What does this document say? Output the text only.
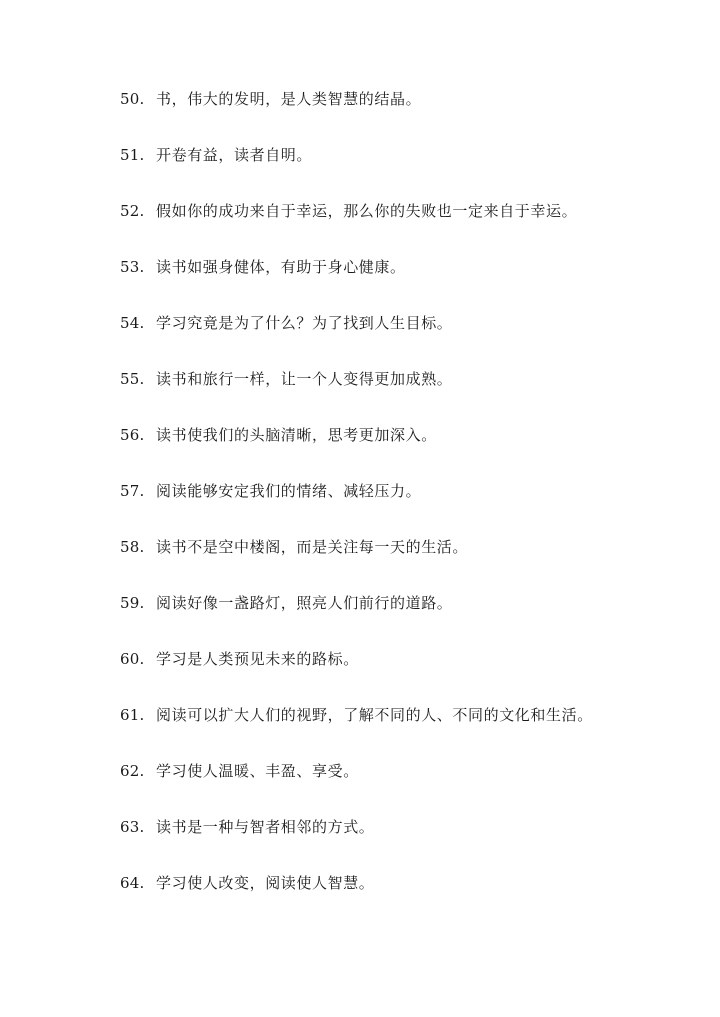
50. 书，伟大的发明，是人类智慧的结晶。
51. 开卷有益，读者自明。
52. 假如你的成功来自于幸运，那么你的失败也一定来自于幸运。
53. 读书如强身健体，有助于身心健康。
54. 学习究竟是为了什么？为了找到人生目标。
55. 读书和旅行一样，让一个人变得更加成熟。
56. 读书使我们的头脑清晰，思考更加深入。
57. 阅读能够安定我们的情绪、减轻压力。
58. 读书不是空中楼阁，而是关注每一天的生活。
59. 阅读好像一盏路灯，照亮人们前行的道路。
60. 学习是人类预见未来的路标。
61. 阅读可以扩大人们的视野，了解不同的人、不同的文化和生活。
62. 学习使人温暖、丰盈、享受。
63. 读书是一种与智者相邻的方式。
64. 学习使人改变，阅读使人智慧。
